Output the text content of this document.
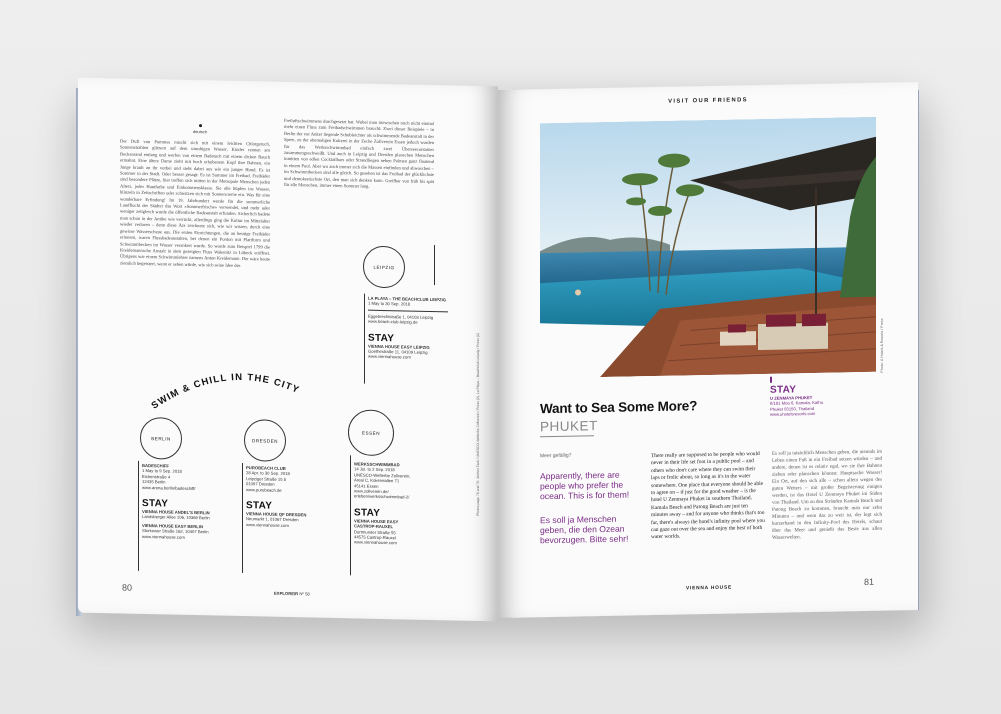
deutsch
Der Duft von Pommes mischt sich mit einem leichten Chlorgeruch, Sonnenstrahlen glitzern auf dem unruhigen Wasser, Kinder rennen am Beckenrand entlang und werfen von einem Badetuch mit einem dicken Bauch ermahnt. Eine ältere Dame zieht mit hoch erhobenem Kopf ihre Bahnen, ein Junge krault an ihr vorbei und sieht dabei aus wie ein junger Hund. Es ist Sommer in der Stadt. Oder besser gesagt: Es ist Sommer im Freibad. Freibäder sind besondere Plätze, hier treffen sich mitten in der Metropole Menschen jeden Alters, jeder Hautfarbe und Einkommensklasse. Sie alle hüpfen ins Wasser, blinzeln in Zeitschriften oder schwitzen sich mit Sonnencreme ein. Was für eine wunderbare Erfindung! Im 19. Jahrhundert wurde für die sommerliche Landflucht der Städter das Wort »Sommerfrische« verwendet, und mehr oder weniger zeitgleich wurde die öffentliche Badeanstalt erfunden. Sicherlich badete man schon in der Antike wie verrückt, allerdings ging die Kultur im Mittelalter wieder verloren – denn diese Ära zeichnete sich, wie wir wissen, durch eine gewisse Wasserscheue aus. Die ersten Einrichtungen, die an heutige Freibäder erinnern, waren Flussbadeanstalten, bei denen ein Ponton mit Plattform und Schwimmbecken im Wasser verankert wurde. So wurde zum Beispiel 1799 die Kreidemannsche Anstalt in dem gezeigten Fluss Wakenitz in Lübeck eröffnet. Übrigens war einem Schwimmlehrer namens Anton Kreidemann. Der wäre heute ziemlich begeistert, wenn er sehen würde, wie sich seine Idee des
Freiluftschwimmens durchgesetzt hat. Wobei man inzwischen noch nicht einmal mehr einen Fluss zum Freibadschwimmen braucht: Zwei dieser Beispiele – in Berlin der vor Anker liegende Schubleichter als schwimmende Badeanstalt in der Spree, zu der ehemaligen Kokerei in der Zeche Zollverein Essen jedoch wurden für das Werksschwimmbad einfach zwei Überseecontainer zusammengeschweißt. Und auch in Leipzig und Dresden planschen Menschen inmitten von edlen Cocktailbars oder Strandliegen neben Palmen ganz floatend in einem Pool. Aber wo auch immer sich die Massen einfinden und abwaschen – im Schwimmbecken sind alle gleich. So gesehen ist das Freibad der glücklichste und demokratischste Ort, den man sich denken kann. Greifbar von früh bis spät für alle Menschen, immer einen Sommer lang.
SWIM & CHILL IN THE CITY
LEIPZIG
LA PLAYA – THE BEACHCLUB LEIPZIG
1 May to 30 Sep. 2018
Eggebrechtstraße 1, 04103 Leipzig
www.beach-club-leipzig.de
STAY
VIENNA HOUSE EASY LEIPZIG
Goethestraße 11, 04109 Leipzig
www.viennahouse.com
ESSEN
WERKSSCHWIMMBAD
14 Jul. to 2 Sep. 2018
UNESCO-Welterbe Zollverein,
Areal C, Kokereiallee 71
45141 Essen
www.zollverein.de/
erleben/werksschwimmbad-2/
STAY
VIENNA HOUSE EASY
CASTROP-RAUXEL
Dortmunder Straße 55
44575 Castrop-Rauxel
www.viennahouse.com
BERLIN
BADESCHIFF
1 May to 9 Sep. 2018
Eichenstraße 4
12435 Berlin
www.arena.berlin/badeschiff/
STAY
VIENNA HOUSE ANDEL'S BERLIN
Landsberger Allee 106, 10369 Berlin
VIENNA HOUSE EASY BERLIN
Storkower Straße 162, 10407 Berlin
www.viennahouse.com
DRESDEN
PUROBEACH CLUB
28 Apr. to 30 Sep. 2018
Leipziger Straße 15 b
01097 Dresden
www.purobeach.de
STAY
VIENNA HOUSE QF DRESDEN
Neumarkt 1, 01067 Dresden
www.viennahouse.com
Photos page 78 and 79: Jochen Tack / UNESCO-Welterbe Zollverein / Press (2), La Playa – Beachclub Leipzig / Press (2)
80
EXPLORE/R Nº 58
VISIT OUR FRIENDS
Photo: U Hotels & Resorts / Press
STAY
U ZENMAYA PHUKET
8/181 Moo 6, Kamala, Kathu
Phuket 83150, Thailand
www.uhotelsresorts.com
Want to Sea Some More?
PHUKET
Meer gefällig?
Apparently, there are people who prefer the ocean. This is for them!
Es soll ja Menschen geben, die den Ozean bevorzugen. Bitte sehr!
There really are supposed to be people who would never in their life set foot in a public pool – and others who don't care where they can swim their laps or frolic about, so long as it's in the water somewhere. One place that everyone should be able to agree on – if just for the good weather – is the hotel U Zenmaya Phuket in southern Thailand. Kamala Beach and Patong Beach are just ten minutes away – and for anyone who thinks that's too far, there's always the hotel's infinity pool where you can gaze out over the sea and enjoy the best of both water worlds.
Es soll ja tatsächlich Menschen geben, die niemals im Leben einen Fuß in ein Freibad setzen würden – und andere, denen ist es relativ egal, wo sie ihre Bahnen ziehen oder planschen können: Hauptsache Wasser! Ein Ort, auf den sich alle – schon allein wegen des guten Wetters – mit großer Begeisterung einigen werden, ist das Hotel U Zenmaya Phuket im Süden von Thailand. Um zu den Stränden Kamala Beach und Patong Beach zu kommen, braucht man nur zehn Minuten – und wem das zu weit ist, der legt sich kurzerhand in den Infinity-Pool des Hotels, schaut über das Meer und genießt das Beste aus allen Wasserwelten.
VIENNA HOUSE
81
